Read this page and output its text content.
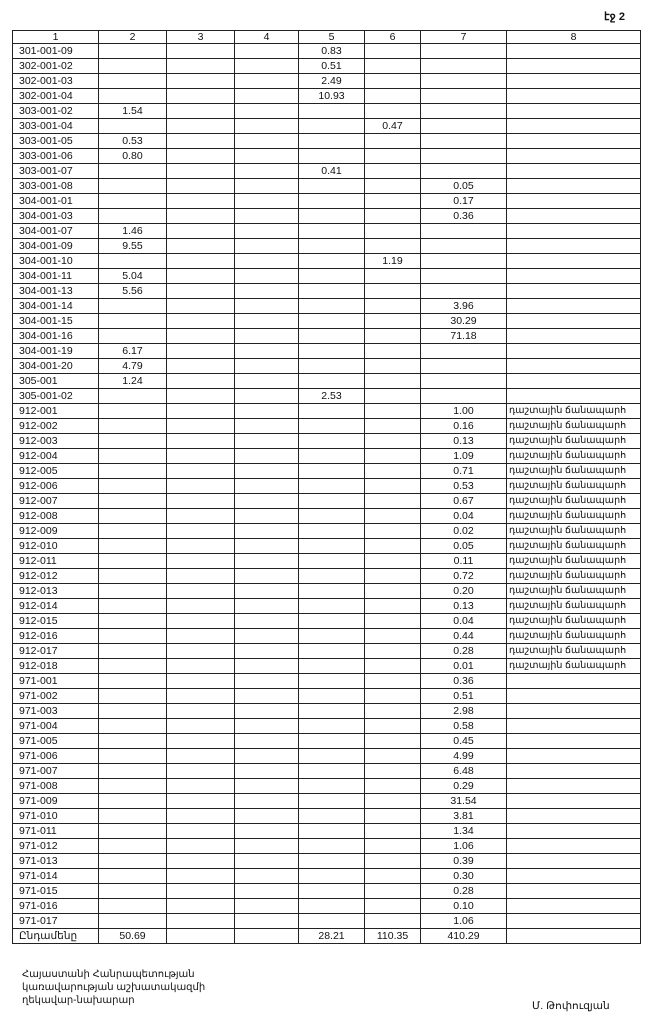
էջ 2
1	2	3	4	5	6	7	8
301-001-09				0.83			
302-001-02				0.51			
302-001-03				2.49			
302-001-04				10.93			
303-001-02	1.54						
303-001-04					0.47		
303-001-05	0.53						
303-001-06	0.80						
303-001-07				0.41			
303-001-08						0.05	
304-001-01						0.17	
304-001-03						0.36	
304-001-07	1.46						
304-001-09	9.55						
304-001-10					1.19		
304-001-11	5.04						
304-001-13	5.56						
304-001-14						3.96	
304-001-15						30.29	
304-001-16						71.18	
304-001-19	6.17						
304-001-20	4.79						
305-001	1.24						
305-001-02				2.53			
912-001						1.00	դաշտային ճանապարհ
912-002						0.16	դաշտային ճանապարհ
912-003						0.13	դաշտային ճանապարհ
912-004						1.09	դաշտային ճանապարհ
912-005						0.71	դաշտային ճանապարհ
912-006						0.53	դաշտային ճանապարհ
912-007						0.67	դաշտային ճանապարհ
912-008						0.04	դաշտային ճանապարհ
912-009						0.02	դաշտային ճանապարհ
912-010						0.05	դաշտային ճանապարհ
912-011						0.11	դաշտային ճանապարհ
912-012						0.72	դաշտային ճանապարհ
912-013						0.20	դաշտային ճանապարհ
912-014						0.13	դաշտային ճանապարհ
912-015						0.04	դաշտային ճանապարհ
912-016						0.44	դաշտային ճանապարհ
912-017						0.28	դաշտային ճանապարհ
912-018						0.01	դաշտային ճանապարհ
971-001						0.36	
971-002						0.51	
971-003						2.98	
971-004						0.58	
971-005						0.45	
971-006						4.99	
971-007						6.48	
971-008						0.29	
971-009						31.54	
971-010						3.81	
971-011						1.34	
971-012						1.06	
971-013						0.39	
971-014						0.30	
971-015						0.28	
971-016						0.10	
971-017						1.06	
Ընդամենը	50.69			28.21	110.35	410.29	
Հայաստանի Հանրապետության
կառավարության աշխատակազմի
ղեկավար-նախարար	Մ. Թոփուզյան
